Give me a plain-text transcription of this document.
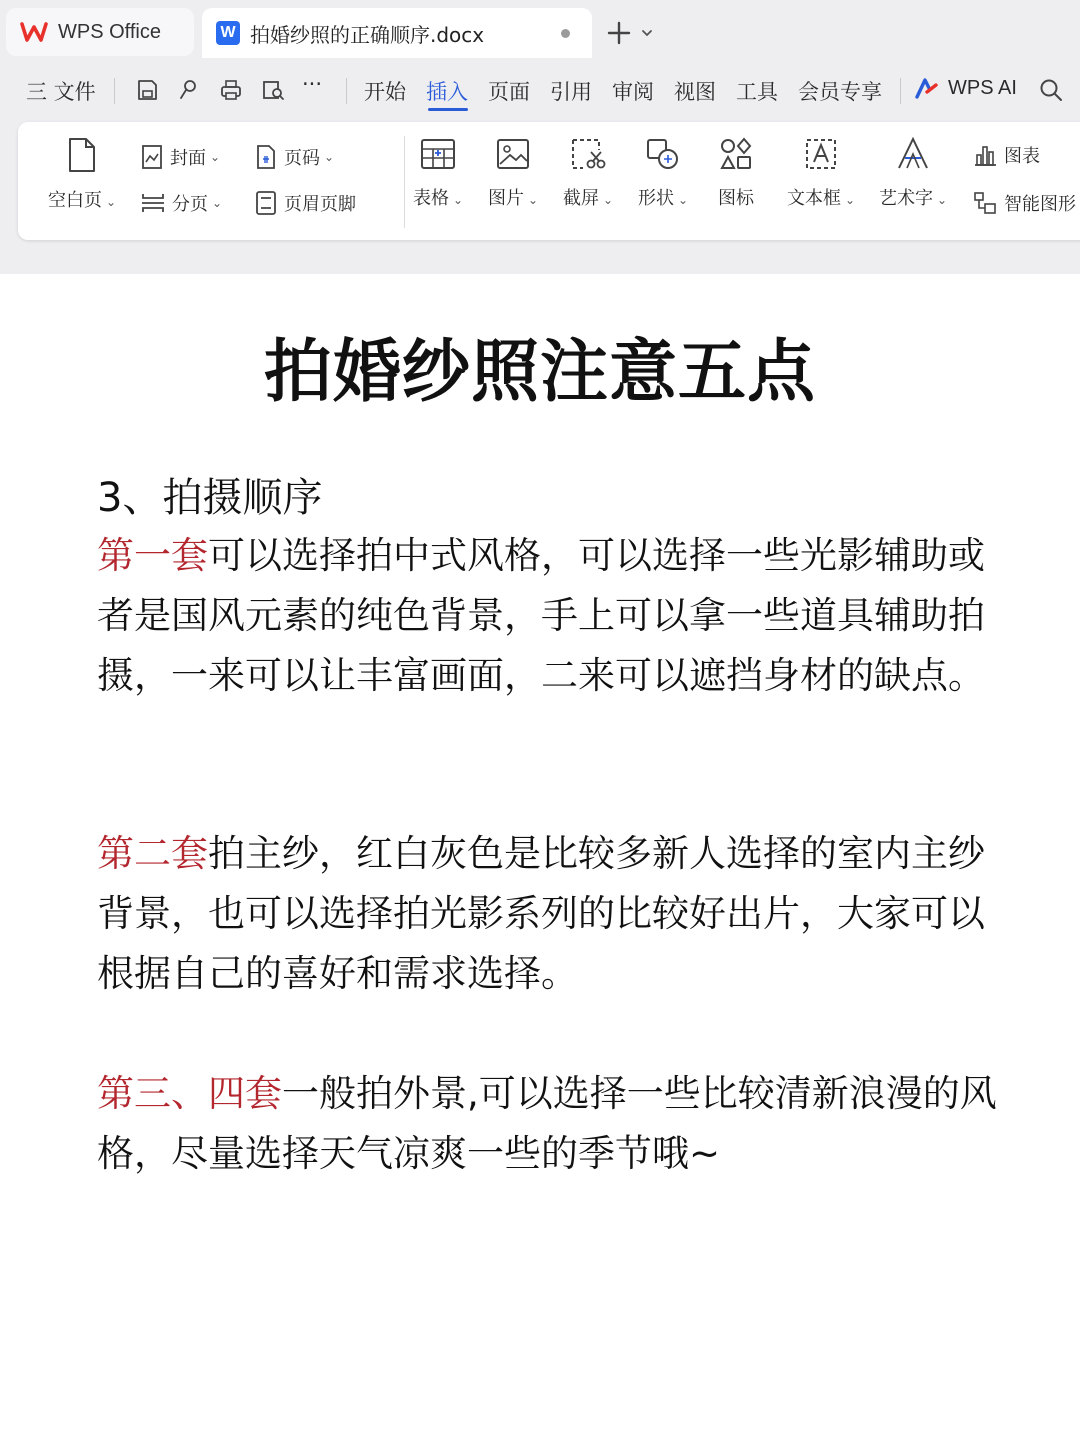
WPS Office	W 拍婚纱照的正确顺序.docx
三 文件	··· 开始 插入 页面 引用 审阅 视图 工具 会员专享	WPS AI
空白页 ⌄
封面 ⌄
分页 ⌄
页码 ⌄
页眉页脚	表格 ⌄	图片 ⌄	截屏 ⌄	形状 ⌄	图标	文本框 ⌄	艺术字 ⌄
图表
智能图形
拍婚纱照注意五点
3、拍摄顺序
第一套可以选择拍中式风格，可以选择一些光影辅助或者是国风元素的纯色背景，手上可以拿一些道具辅助拍摄，一来可以让丰富画面，二来可以遮挡身材的缺点。
第二套拍主纱，红白灰色是比较多新人选择的室内主纱背景，也可以选择拍光影系列的比较好出片，大家可以根据自己的喜好和需求选择。
第三、四套一般拍外景,可以选择一些比较清新浪漫的风格，尽量选择天气凉爽一些的季节哦~
